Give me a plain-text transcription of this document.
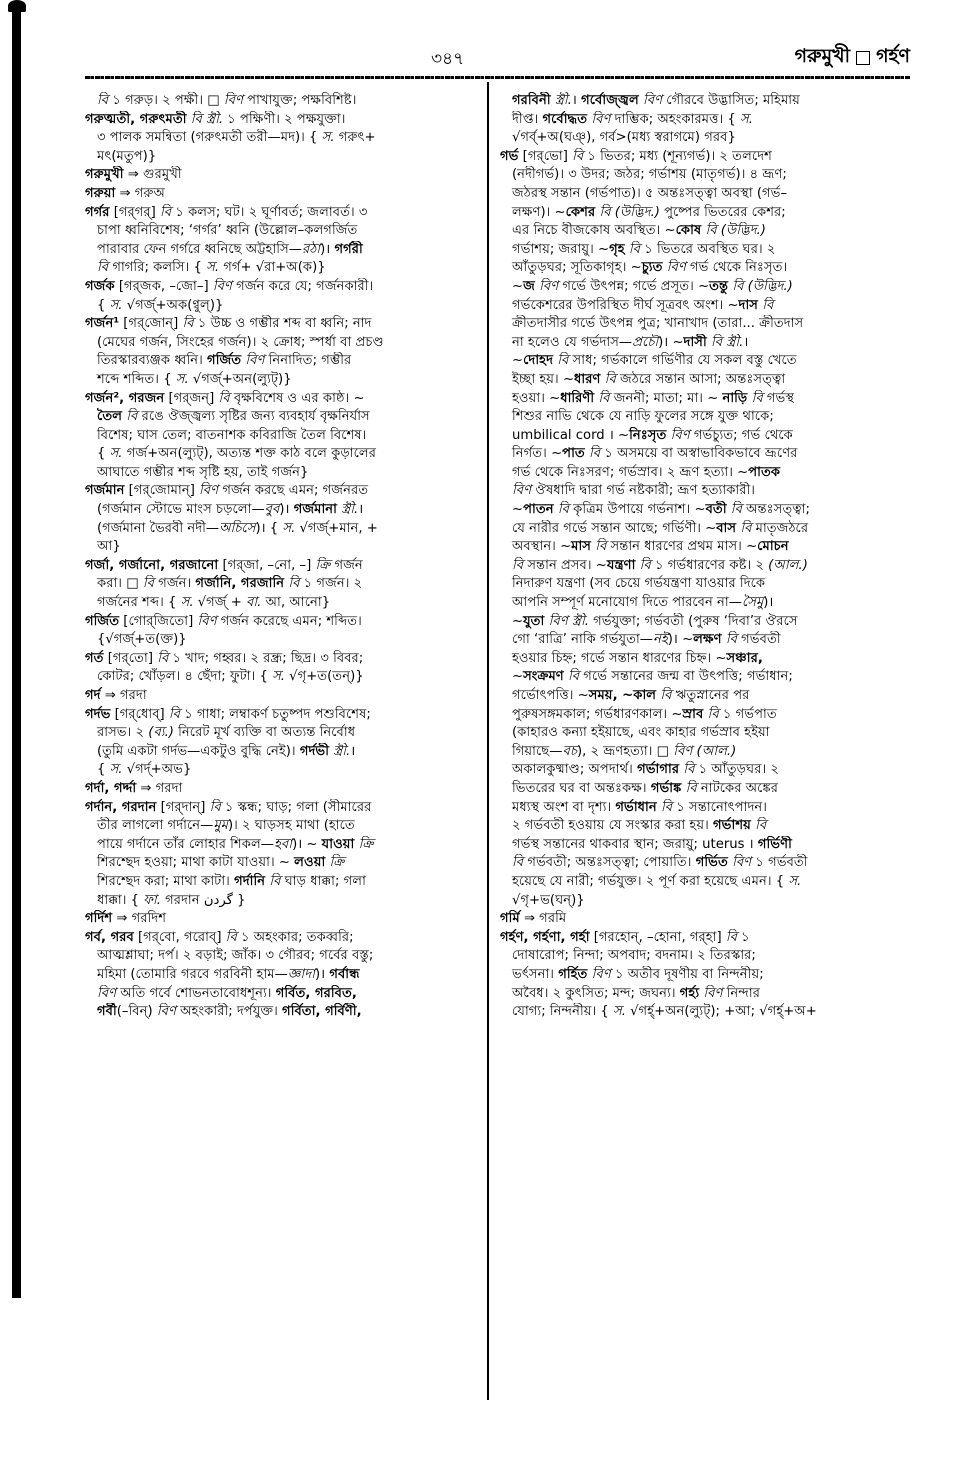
৩৪৭	গরুমুখী গর্হণ
বি ১ গরুড়। ২ পক্ষী। □ বিণ পাখাযুক্ত; পক্ষবিশিষ্ট।
গরুত্মতী, গরুৎমতী বি স্ত্রী. ১ পক্ষিণী। ২ পক্ষযুক্তা।
৩ পালক সমন্বিতা (গরুৎমতী তরী—মদ)। { স. গরুৎ+
মৎ(মতুপ)}
গরুমুখী ⇒ গুরমুখী
গরুয়া ⇒ গরুঅ
গর্গর [গর্‌গর্‌] বি ১ কলস; ঘট। ২ ঘূর্ণাবর্ত; জলাবর্ত। ৩
চাপা ধ্বনিবিশেষ; ‘গর্গর’ ধ্বনি (উল্লোল–কলগর্জিত
পারাবার ফেন গর্গরে ধ্বনিছে অট্টহাসি—রঠা)। গর্গরী
বি গাগরি; কলসি। { স. গর্গ+ √রা+অ(ক)}
গর্জক [গর্‌জক, –জো–] বিণ গর্জন করে যে; গর্জনকারী।
{ স. √গর্জ্‌+অক(ণ্বুল্‌)}
গর্জন¹ [গর্‌জোন্‌] বি ১ উচ্চ ও গম্ভীর শব্দ বা ধ্বনি; নাদ
(মেঘের গর্জন, সিংহের গর্জন)। ২ ক্রোধ; স্পর্ধা বা প্রচণ্ড
তিরস্কারব্যঞ্জক ধ্বনি। গর্জিত বিণ নিনাদিত; গম্ভীর
শব্দে শব্দিত। { স. √গর্জ্‌+অন(ল্যুট্‌)}
গর্জন², গরজন [গর্‌জন্‌] বি বৃক্ষবিশেষ ও এর কাষ্ঠ। ~
তৈল বি রঙে ঔজ্জ্বল্য সৃষ্টির জন্য ব্যবহার্য বৃক্ষনির্যাস
বিশেষ; ঘাস তেল; বাতনাশক কবিরাজি তৈল বিশেষ।
{ স. গর্জ+অন(ল্যুট্‌), অত্যন্ত শক্ত কাঠ বলে কুড়ালের
আঘাতে গম্ভীর শব্দ সৃষ্টি হয়, তাই গর্জন}
গর্জমান [গর্‌জোমান্‌] বিণ গর্জন করছে এমন; গর্জনরত
(গর্জমান স্টোভে মাংস চড়লো—বুব)। গর্জমানা স্ত্রী.।
(গর্জমানা ভৈরবী নদী—অচিসে)। { স. √গর্জ্‌+মান, +
আ}
গর্জা, গর্জানো, গরজানো [গর্‌জা, –নো, –] ক্রি গর্জন
করা। □ বি গর্জন। গর্জানি, গরজানি বি ১ গর্জন। ২
গর্জনের শব্দ। { স. √গর্জ্‌ + বা. আ, আনো}
গর্জিত [গোর্‌জিতো] বিণ গর্জন করেছে এমন; শব্দিত।
{√গর্জ্‌+ত(ক্ত)}
গর্ত [গর্‌তো] বি ১ খাদ; গহ্বর। ২ রন্ধ্র; ছিদ্র। ৩ বিবর;
কোটর; খোঁড়ল। ৪ ছেঁদা; ফুটা। { স. √গৃ+ত(তন্‌)}
গর্দ ⇒ গরদা
গর্দভ [গর্‌ধোব্‌] বি ১ গাধা; লম্বাকর্ণ চতুষ্পদ পশুবিশেষ;
রাসভ। ২ (ব্য.) নিরেট মূর্খ ব্যক্তি বা অত্যন্ত নির্বোধ
(তুমি একটা গর্দভ—একটুও বুদ্ধি নেই)। গর্দভী স্ত্রী.।
{ স. √গর্দ্‌+অভ}
গর্দা, গর্দ্দা ⇒ গরদা
গর্দান, গরদান [গর্‌দান্‌] বি ১ স্কন্ধ; ঘাড়; গলা (সীমারের
তীর লাগলো গর্দানে—মুম)। ২ ঘাড়সহ মাথা (হাতে
পায়ে গর্দানে তাঁর লোহার শিকল—হবা)। ~ যাওয়া ক্রি
শিরশ্ছেদ হওয়া; মাথা কাটা যাওয়া। ~ লওয়া ক্রি
শিরশ্ছেদ করা; মাথা কাটা। গর্দানি বি ঘাড় ধাক্কা; গলা
ধাক্কা। { ফা. গরদান گردن }
গর্দিশ ⇒ গরদিশ
গর্ব, গরব [গর্‌বো, গরোব্‌] বি ১ অহংকার; তকব্বরি;
আত্মশ্লাঘা; দর্প। ২ বড়াই; জাঁক। ৩ গৌরব; গর্বের বস্তু;
মহিমা (তোমারি গরবে গরবিনী হাম—জ্ঞাদা)। গর্বান্ধ
বিণ অতি গর্বে শোভনতাবোধশূন্য। গর্বিত, গরবিত,
গর্বী(–বিন্‌) বিণ অহংকারী; দর্পযুক্ত। গর্বিতা, গর্বিণী,
গরবিনী স্ত্রী.। গর্বোজ্জ্বল বিণ গৌরবে উদ্ভাসিত; মহিমায়
দীপ্ত। গর্বোদ্ধত বিণ দাম্ভিক; অহংকারমত্ত। { স.
√গর্ব্‌+অ(ঘঞ্‌), গর্ব>(মধ্য স্বরাগমে) গরব}
গর্ভ [গর্‌ভো] বি ১ ভিতর; মধ্য (শূন্যগর্ভ)। ২ তলদেশ
(নদীগর্ভ)। ৩ উদর; জঠর; গর্ভাশয় (মাতৃগর্ভ)। ৪ ভ্রূণ;
জঠরস্থ সন্তান (গর্ভপাত)। ৫ অন্তঃসত্ত্বা অবস্থা (গর্ভ–
লক্ষণ)। ~কেশর বি (উদ্ভিদ.) পুষ্পের ভিতরের কেশর;
এর নিচে বীজকোষ অবস্থিত। ~কোষ বি (উদ্ভিদ.)
গর্ভাশয়; জরায়ু। ~গৃহ বি ১ ভিতরে অবস্থিত ঘর। ২
আঁতুড়ঘর; সূতিকাগৃহ। ~চ্যুত বিণ গর্ভ থেকে নিঃসৃত।
~জ বিণ গর্ভে উৎপন্ন; গর্ভে প্রসূত। ~তন্তু বি (উদ্ভিদ.)
গর্ভকেশরের উপরিস্থিত দীর্ঘ সূত্রবৎ অংশ। ~দাস বি
ক্রীতদাসীর গর্ভে উৎপন্ন পুত্র; খানাখাদ (তারা... ক্রীতদাস
না হলেও যে গর্ভদাস—প্রচৌ)। ~দাসী বি স্ত্রী.।
~দোহদ বি সাধ; গর্ভকালে গর্ভিণীর যে সকল বস্তু খেতে
ইচ্ছা হয়। ~ধারণ বি জঠরে সন্তান আসা; অন্তঃসত্ত্বা
হওয়া। ~ধারিণী বি জননী; মাতা; মা। ~ নাড়ি বি গর্ভস্থ
শিশুর নাভি থেকে যে নাড়ি ফুলের সঙ্গে যুক্ত থাকে;
umbilical cord । ~নিঃসৃত বিণ গর্ভচ্যুত; গর্ভ থেকে
নির্গত। ~পাত বি ১ অসময়ে বা অস্বাভাবিকভাবে ভ্রূণের
গর্ভ থেকে নিঃসরণ; গর্ভস্রাব। ২ ভ্রূণ হত্যা। ~পাতক
বিণ ঔষধাদি দ্বারা গর্ভ নষ্টকারী; ভ্রূণ হত্যাকারী।
~পাতন বি কৃত্রিম উপায়ে গর্ভনাশ। ~বতী বি অন্তঃসত্ত্বা;
যে নারীর গর্ভে সন্তান আছে; গর্ভিণী। ~বাস বি মাতৃজঠরে
অবস্থান। ~মাস বি সন্তান ধারণের প্রথম মাস। ~মোচন
বি সন্তান প্রসব। ~যন্ত্রণা বি ১ গর্ভধারণের কষ্ট। ২ (আল.)
নিদারুণ যন্ত্রণা (সব চেয়ে গর্ভযন্ত্রণা যাওয়ার দিকে
আপনি সম্পূর্ণ মনোযোগ দিতে পারবেন না—সৈমু)।
~যুতা বিণ স্ত্রী. গর্ভযুক্তা; গর্ভবতী (পুরুষ ‘দিবা’র ঔরসে
গো ‘রাত্রি’ নাকি গর্ভযুতা—নই)। ~লক্ষণ বি গর্ভবতী
হওয়ার চিহ্ন; গর্ভে সন্তান ধারণের চিহ্ন। ~সঞ্চার,
~সংক্রমণ বি গর্ভে সন্তানের জন্ম বা উৎপত্তি; গর্ভাধান;
গর্ভোৎপত্তি। ~সময়, ~কাল বি ঋতুস্নানের পর
পুরুষসঙ্গমকাল; গর্ভধারণকাল। ~স্রাব বি ১ গর্ভপাত
(কাহারও কন্যা হইয়াছে, এবং কাহার গর্ভস্রাব হইয়া
গিয়াছে—বচ), ২ ভ্রূণহত্যা। □ বিণ (আল.)
অকালকুষ্মাণ্ড; অপদার্থ। গর্ভাগার বি ১ আঁতুড়ঘর। ২
ভিতরের ঘর বা অন্তঃকক্ষ। গর্ভাঙ্ক বি নাটকের অঙ্কের
মধ্যস্থ অংশ বা দৃশ্য। গর্ভাধান বি ১ সন্তানোৎপাদন।
২ গর্ভবতী হওয়ায় যে সংস্কার করা হয়। গর্ভাশয় বি
গর্ভস্থ সন্তানের থাকবার স্থান; জরায়ু; uterus । গর্ভিণী
বি গর্ভবতী; অন্তঃসত্ত্বা; পোয়াতি। গর্ভিত বিণ ১ গর্ভবতী
হয়েছে যে নারী; গর্ভযুক্ত। ২ পূর্ণ করা হয়েছে এমন। { স.
√গৃ+ভ(ঘন্‌)}
গর্মি ⇒ গরমি
গর্হণ, গর্হণা, গর্হা [গরহোন্‌, –হোনা, গর্‌হা] বি ১
দোষারোপ; নিন্দা; অপবাদ; বদনাম। ২ তিরস্কার;
ভর্ৎসনা। গর্হিত বিণ ১ অতীব দূষণীয় বা নিন্দনীয়;
অবৈধ। ২ কুৎসিত; মন্দ; জঘন্য। গর্হ্য বিণ নিন্দার
যোগ্য; নিন্দনীয়। { স. √গর্হ্‌+অন(ল্যুট্‌); +আ; √গর্হ্‌+অ+
